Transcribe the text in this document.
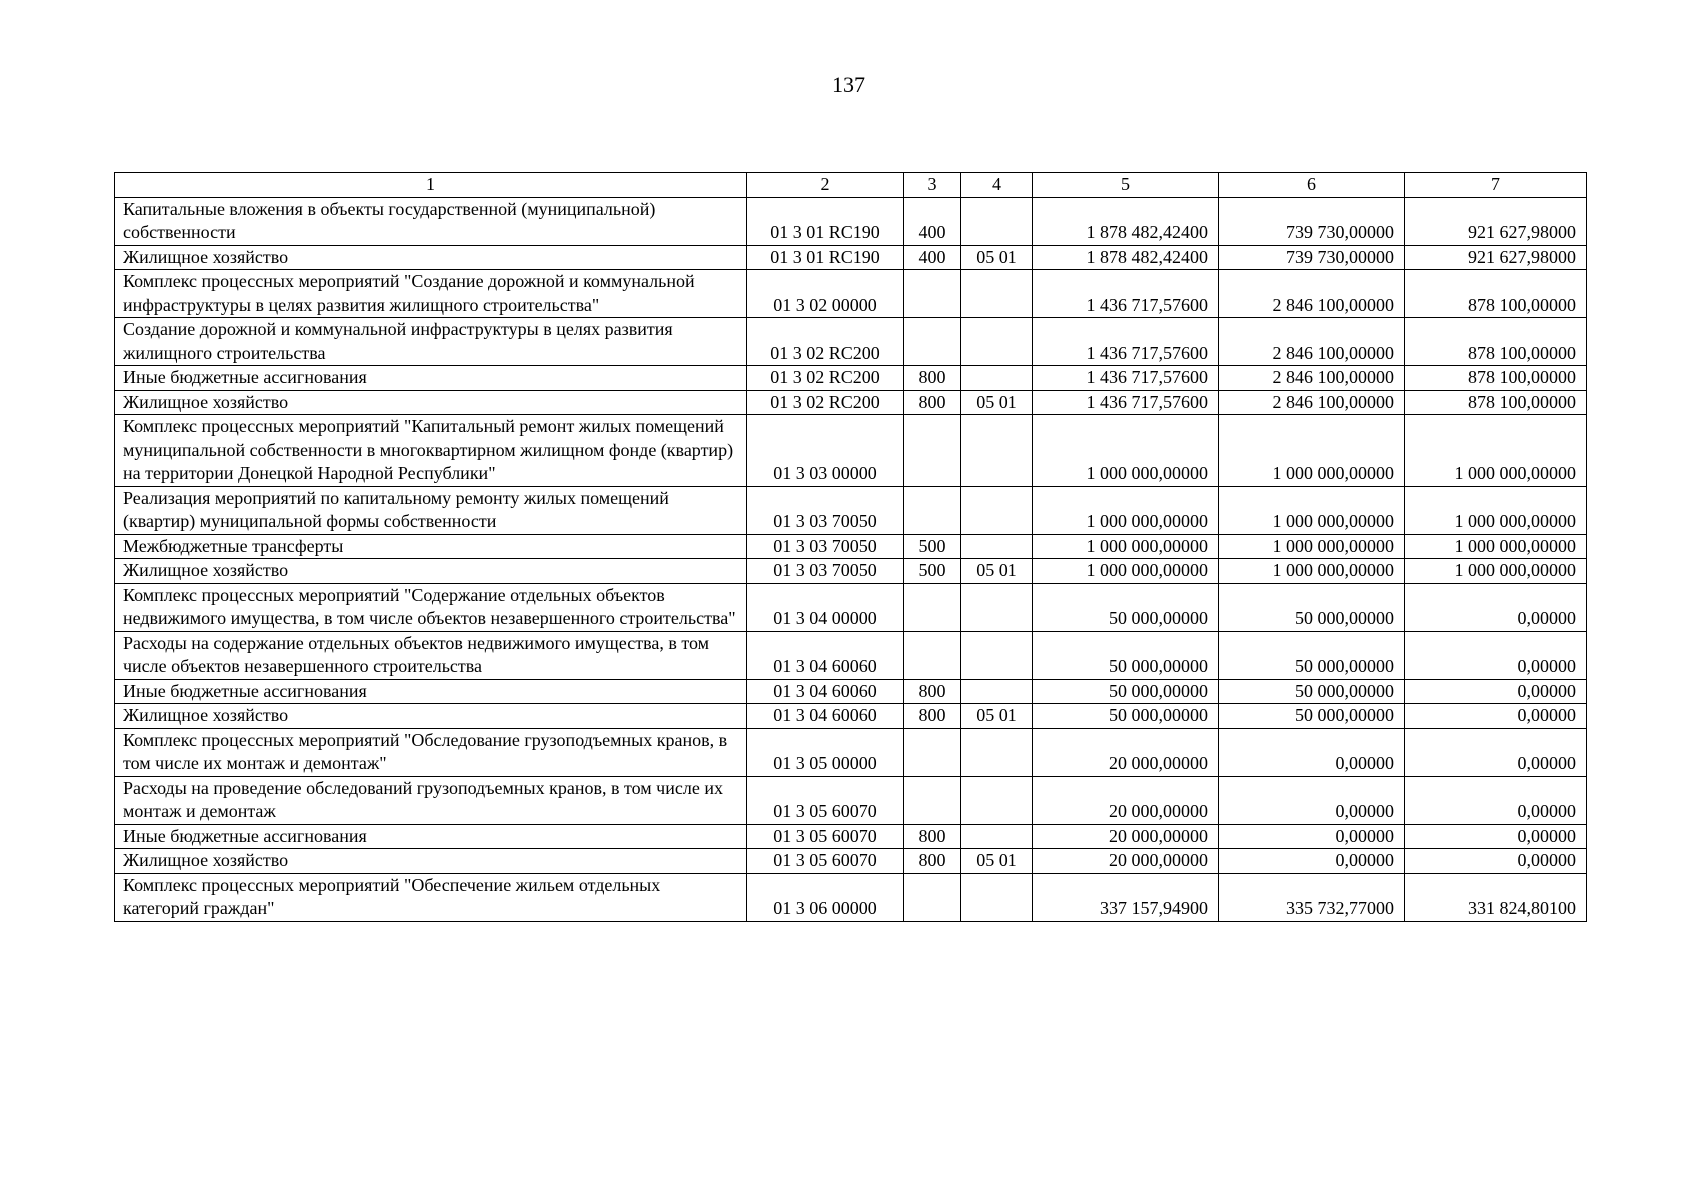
137
1	2	3	4	5	6	7
Капитальные вложения в объекты государственной (муниципальной) собственности	01 3 01 RC190	400		1 878 482,42400	739 730,00000	921 627,98000
Жилищное хозяйство	01 3 01 RC190	400	05 01	1 878 482,42400	739 730,00000	921 627,98000
Комплекс процессных мероприятий "Создание дорожной и коммунальной инфраструктуры в целях развития жилищного строительства"	01 3 02 00000			1 436 717,57600	2 846 100,00000	878 100,00000
Создание дорожной и коммунальной инфраструктуры в целях развития жилищного строительства	01 3 02 RC200			1 436 717,57600	2 846 100,00000	878 100,00000
Иные бюджетные ассигнования	01 3 02 RC200	800		1 436 717,57600	2 846 100,00000	878 100,00000
Жилищное хозяйство	01 3 02 RC200	800	05 01	1 436 717,57600	2 846 100,00000	878 100,00000
Комплекс процессных мероприятий "Капитальный ремонт жилых помещений муниципальной собственности в многоквартирном жилищном фонде (квартир) на территории Донецкой Народной Республики"	01 3 03 00000			1 000 000,00000	1 000 000,00000	1 000 000,00000
Реализация мероприятий по капитальному ремонту жилых помещений (квартир) муниципальной формы собственности	01 3 03 70050			1 000 000,00000	1 000 000,00000	1 000 000,00000
Межбюджетные трансферты	01 3 03 70050	500		1 000 000,00000	1 000 000,00000	1 000 000,00000
Жилищное хозяйство	01 3 03 70050	500	05 01	1 000 000,00000	1 000 000,00000	1 000 000,00000
Комплекс процессных мероприятий "Содержание отдельных объектов недвижимого имущества, в том числе объектов незавершенного строительства"	01 3 04 00000			50 000,00000	50 000,00000	0,00000
Расходы на содержание отдельных объектов недвижимого имущества, в том числе объектов незавершенного строительства	01 3 04 60060			50 000,00000	50 000,00000	0,00000
Иные бюджетные ассигнования	01 3 04 60060	800		50 000,00000	50 000,00000	0,00000
Жилищное хозяйство	01 3 04 60060	800	05 01	50 000,00000	50 000,00000	0,00000
Комплекс процессных мероприятий "Обследование грузоподъемных кранов, в том числе их монтаж и демонтаж"	01 3 05 00000			20 000,00000	0,00000	0,00000
Расходы на проведение обследований грузоподъемных кранов, в том числе их монтаж и демонтаж	01 3 05 60070			20 000,00000	0,00000	0,00000
Иные бюджетные ассигнования	01 3 05 60070	800		20 000,00000	0,00000	0,00000
Жилищное хозяйство	01 3 05 60070	800	05 01	20 000,00000	0,00000	0,00000
Комплекс процессных мероприятий "Обеспечение жильем отдельных категорий граждан"	01 3 06 00000			337 157,94900	335 732,77000	331 824,80100
